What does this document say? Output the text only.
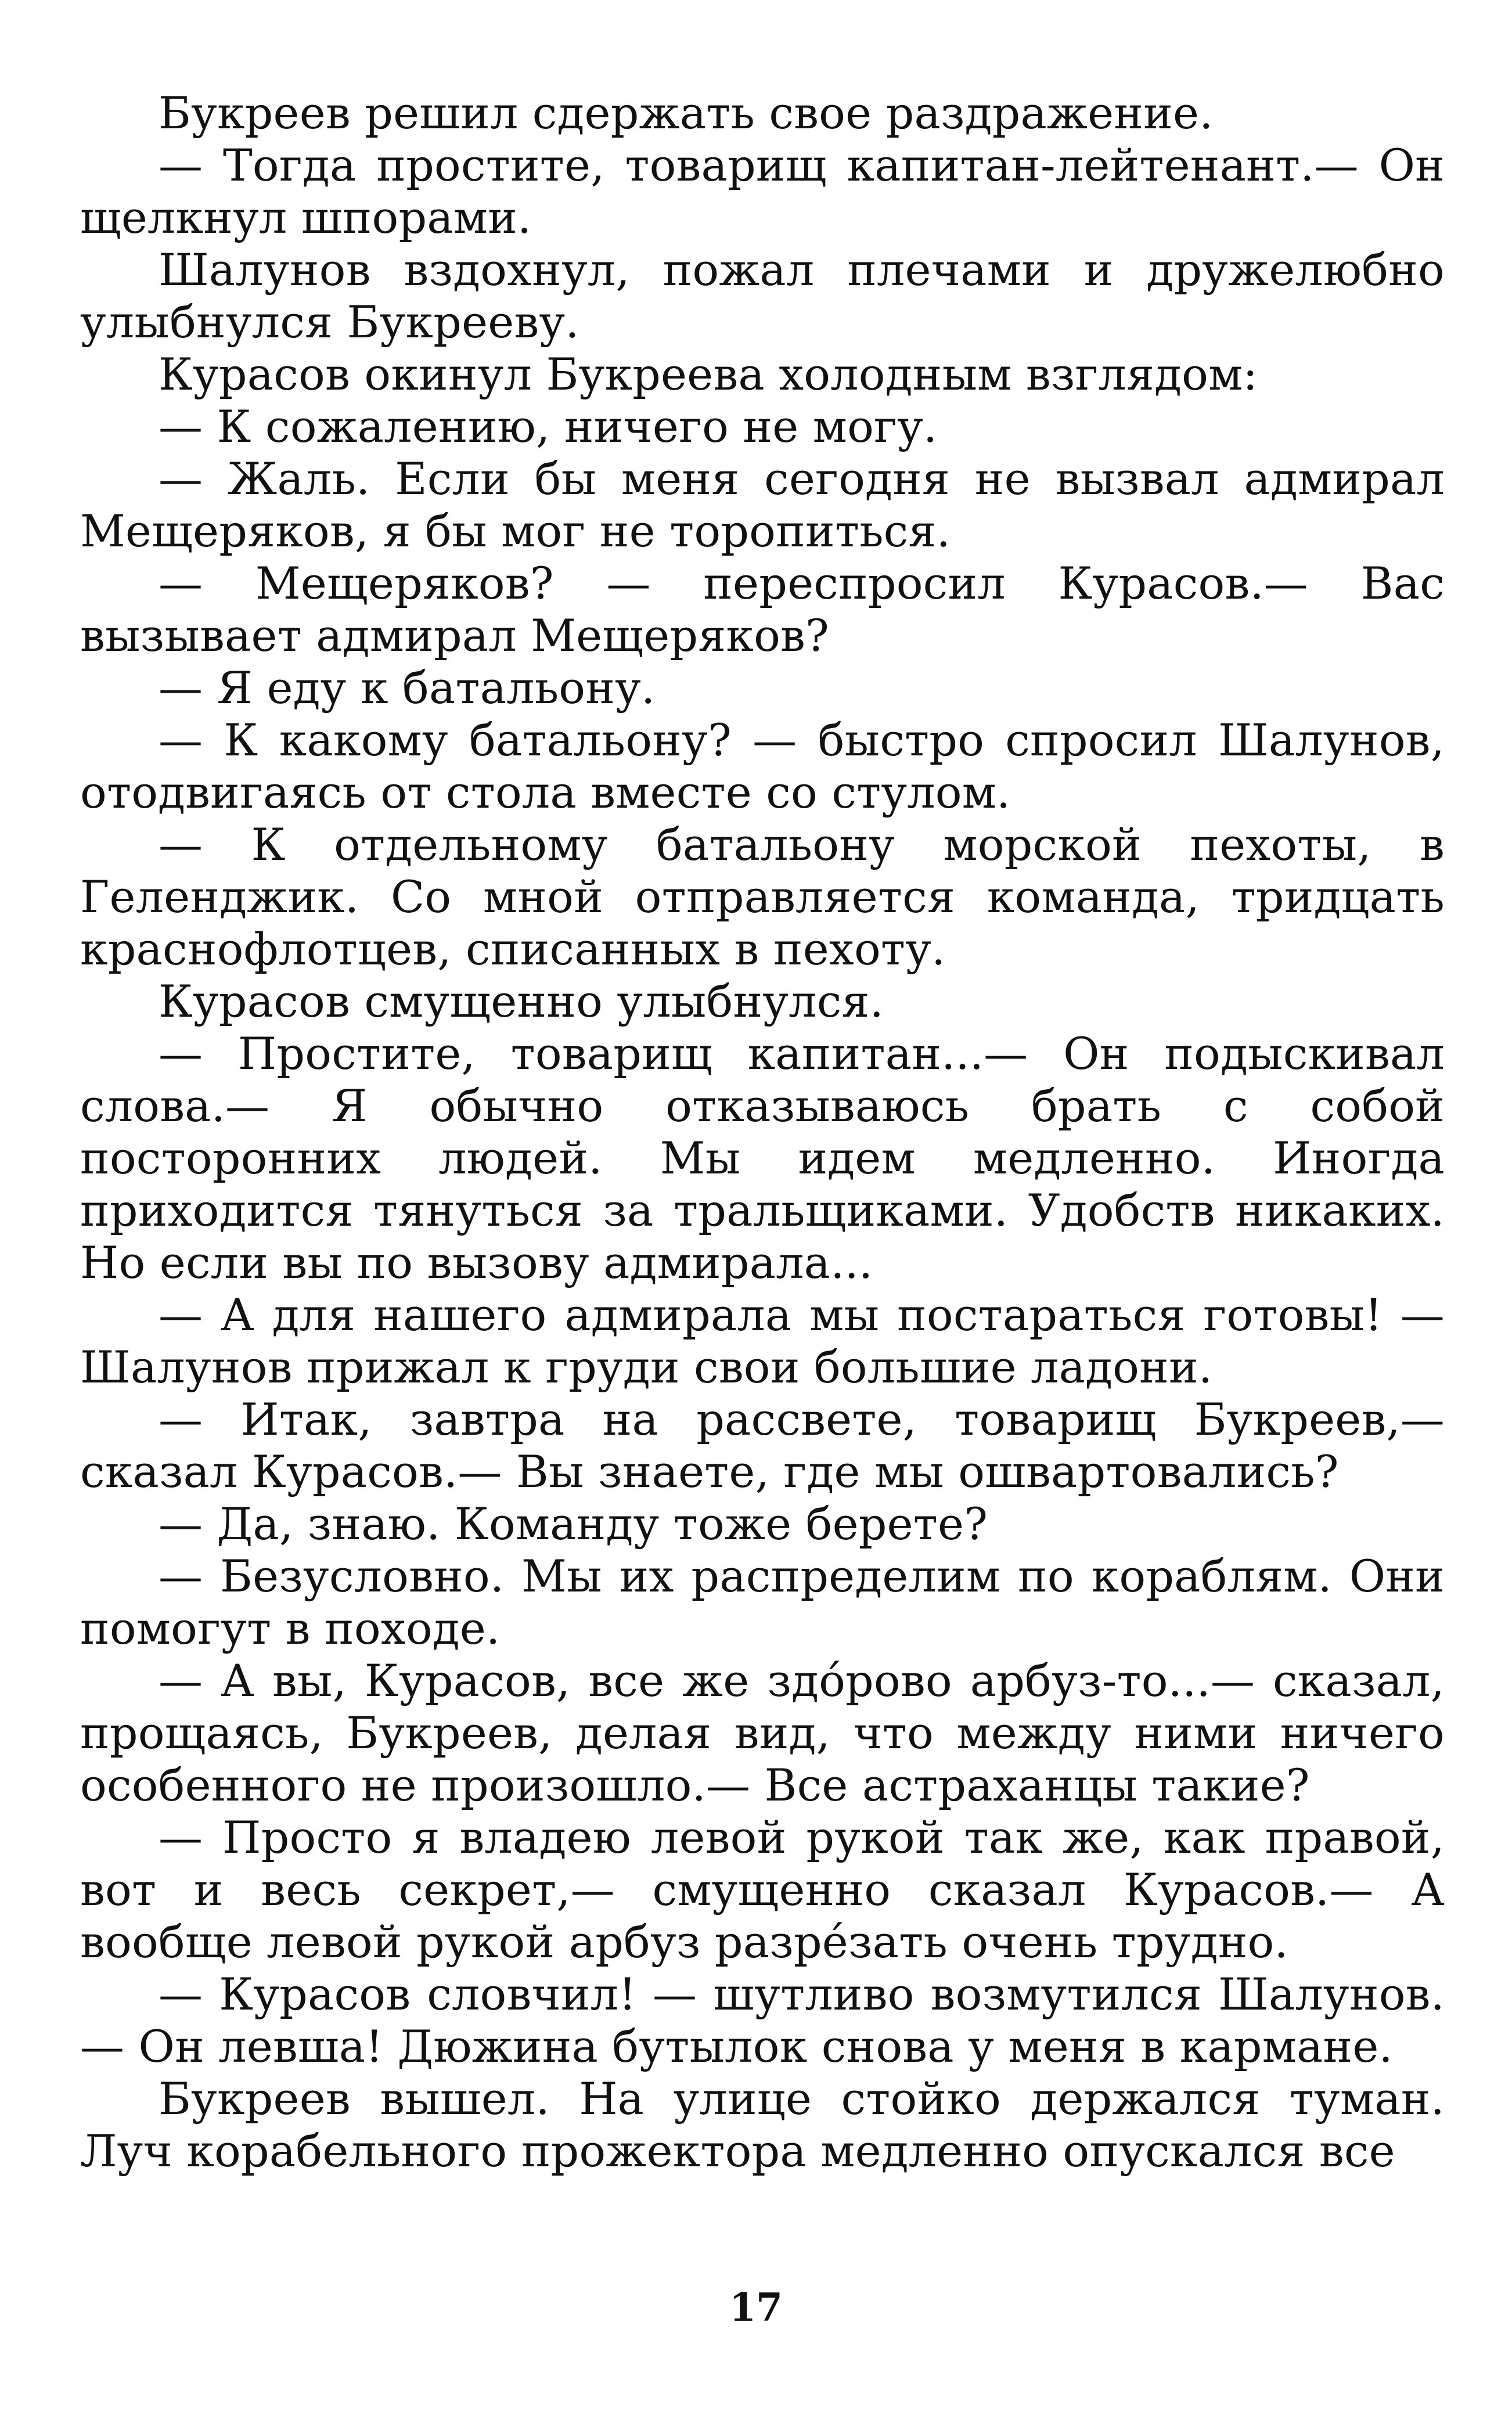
Букреев решил сдержать свое раздражение.

— Тогда простите, товарищ капитан-лейтенант.— Он щелкнул шпорами.

Шалунов вздохнул, пожал плечами и дружелюбно улыбнулся Букрееву.

Курасов окинул Букреева холодным взглядом:

— К сожалению, ничего не могу.

— Жаль. Если бы меня сегодня не вызвал адмирал Мещеряков, я бы мог не торопиться.

— Мещеряков? — переспросил Курасов.— Вас вызывает адмирал Мещеряков?

— Я еду к батальону.

— К какому батальону? — быстро спросил Шалунов, отодвигаясь от стола вместе со стулом.

— К отдельному батальону морской пехоты, в Геленджик. Со мной отправляется команда, тридцать краснофлотцев, списанных в пехоту.

Курасов смущенно улыбнулся.

— Простите, товарищ капитан...— Он подыскивал слова.— Я обычно отказываюсь брать с собой посторонних людей. Мы идем медленно. Иногда приходится тянуться за тральщиками. Удобств никаких. Но если вы по вызову адмирала...

— А для нашего адмирала мы постараться готовы! — Шалунов прижал к груди свои большие ладони.

— Итак, завтра на рассвете, товарищ Букреев,— сказал Курасов.— Вы знаете, где мы ошвартовались?

— Да, знаю. Команду тоже берете?

— Безусловно. Мы их распределим по кораблям. Они помогут в походе.

— А вы, Курасов, все же здóрово арбуз-то...— сказал, прощаясь, Букреев, делая вид, что между ними ничего особенного не произошло.— Все астраханцы такие?

— Просто я владею левой рукой так же, как правой, вот и весь секрет,— смущенно сказал Курасов.— А вообще левой рукой арбуз разрéзать очень трудно.

— Курасов словчил! — шутливо возмутился Шалунов.— Он левша! Дюжина бутылок снова у меня в кармане.

Букреев вышел. На улице стойко держался туман. Луч корабельного прожектора медленно опускался все

17
